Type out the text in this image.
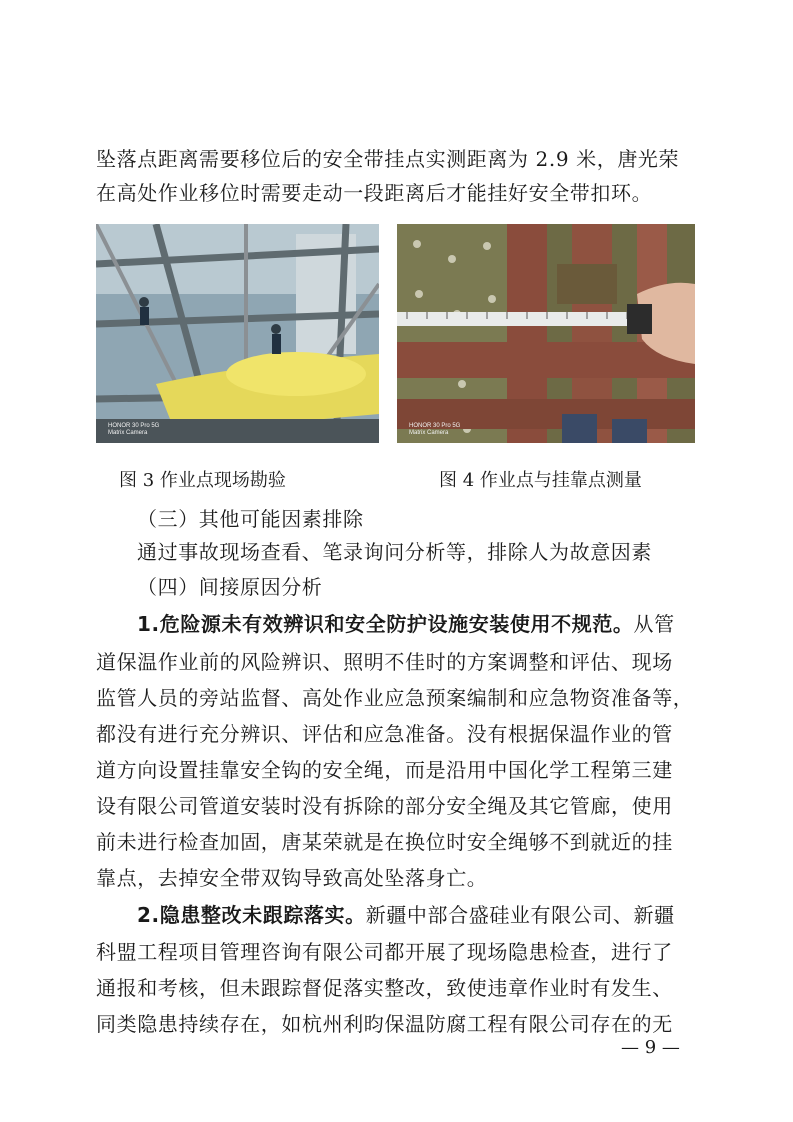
坠落点距离需要移位后的安全带挂点实测距离为 2.9 米，唐光荣
在高处作业移位时需要走动一段距离后才能挂好安全带扣环。
HONOR 30 Pro 5G
Matrix Camera
HONOR 30 Pro 5G
Matrix Camera
图 3 作业点现场勘验	图 4 作业点与挂靠点测量
（三）其他可能因素排除
通过事故现场查看、笔录询问分析等，排除人为故意因素
（四）间接原因分析
1.危险源未有效辨识和安全防护设施安装使用不规范。从管
道保温作业前的风险辨识、照明不佳时的方案调整和评估、现场
监管人员的旁站监督、高处作业应急预案编制和应急物资准备等，
都没有进行充分辨识、评估和应急准备。没有根据保温作业的管
道方向设置挂靠安全钩的安全绳，而是沿用中国化学工程第三建
设有限公司管道安装时没有拆除的部分安全绳及其它管廊，使用
前未进行检查加固，唐某荣就是在换位时安全绳够不到就近的挂
靠点，去掉安全带双钩导致高处坠落身亡。
2.隐患整改未跟踪落实。新疆中部合盛硅业有限公司、新疆
科盟工程项目管理咨询有限公司都开展了现场隐患检查，进行了
通报和考核，但未跟踪督促落实整改，致使违章作业时有发生、
同类隐患持续存在，如杭州利昀保温防腐工程有限公司存在的无
— 9 —
